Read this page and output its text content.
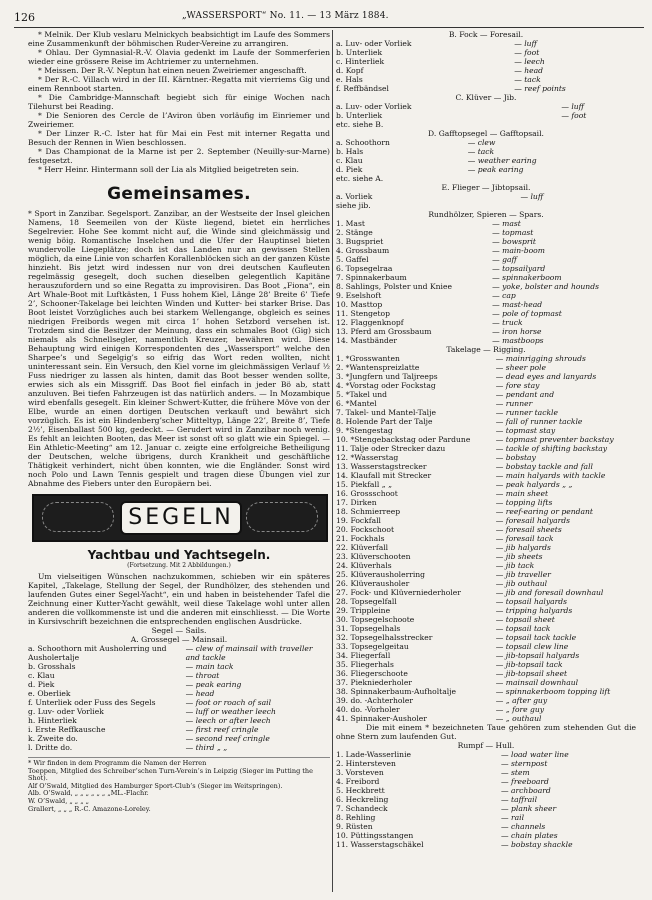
126	„WASSERSPORT“ No. 11. — 13 März 1884.

* Melnik. Der Klub veslaru Melnickych beabsichtigt im Laufe des Sommers eine Zusammenkunft der böhmischen Ruder-Vereine zu arrangiren.

* Ohlau. Der Gymnasial-R.-V. Olavia gedenkt im Laufe der Sommerferien wieder eine grössere Reise im Achtriemer zu unternehmen.

* Meissen. Der R.-V. Neptun hat einen neuen Zweiriemer angeschafft.

* Der R.-C. Villach wird in der III. Kärntner.-Regatta mit vierriems Gig und einem Rennboot starten.

* Die Cambridge-Mannschaft begiebt sich für einige Wochen nach Tilehurst bei Reading.

* Die Senioren des Cercle de l’Aviron üben vorläufig im Einriemer und Zweiriemer.

* Der Linzer R.-C. Ister hat für Mai ein Fest mit interner Regatta und Besuch der Rennen in Wien beschlossen.

* Das Championat de la Marne ist per 2. September (Neuilly-sur-Marne) festgesetzt.

* Herr Heinr. Hintermann soll der Lia als Mitglied beigetreten sein.

Gemeinsames.

* Sport in Zanzibar. Segelsport. Zanzibar, an der Westseite der Insel gleichen Namens, 18 Seemeilen von der Küste liegend, bietet ein herrliches Segelrevier. Hohe See kommt nicht auf, die Winde sind gleichmässig und wenig böig. Romantische Inselchen und die Ufer der Hauptinsel bieten wundervolle Liegeplätze; doch ist das Landen nur an gewissen Stellen möglich, da eine Linie von scharfen Korallenblöcken sich an der ganzen Küste hinzieht. Bis jetzt wird indessen nur von drei deutschen Kaufleuten regelmässig gesegelt, doch suchen dieselben gelegentlich Kapitäne herauszufordern und so eine Regatta zu improvisiren. Das Boot „Fiona“, ein Art Whale-Boot mit Luftkästen, 1 Fuss hohem Kiel, Länge 28’ Breite 6’ Tiefe 2’, Schooner-Takelage bei leichten Winden und Kutter- bei starker Brise. Das Boot leistet Vorzügliches auch bei starkem Wellengange, obgleich es seines niedrigen Freibords wegen mit circa 1’ hohen Setzbord versehen ist. Trotzdem sind die Besitzer der Meinung, dass ein schmales Boot (Gig) sich niemals als Schnellsegler, namentlich Kreuzer, bewähren wird. Diese Behauptung wird einigen Korrespondenten des „Wassersport“ welche den Sharpee’s und Segelgig’s so eifrig das Wort reden wollten, nicht uninteressant sein. Ein Versuch, den Kiel vorne im gleichmässigen Verlauf ½ Fuss niedriger zu lassen als hinten, damit das Boot besser wenden sollte, erwies sich als ein Missgriff. Das Boot fiel einfach in jeder Bö ab, statt anzuluven. Bei tiefen Fahrzeugen ist das natürlich anders. — In Mozambique wird ebenfalls gesegelt. Ein kleiner Schwert-Kutter, die frühere Möve von der Elbe, wurde an einen dortigen Deutschen verkauft und bewährt sich vorzüglich. Es ist ein Hindenberg’scher Mitteltyp, Länge 22’, Breite 8’, Tiefe 2½’, Eisenballast 500 kg, gedeckt. — Gerudert wird in Zanzibar noch wenig. Es fehlt an leichten Booten, das Meer ist sonst oft so glatt wie ein Spiegel. — Ein Athletic-Meeting“ am 12. Januar c. zeigte eine erfolgreiche Betheiligung der Deutschen, welche übrigens, durch Krankheit und geschäftliche Thätigkeit verhindert, nicht üben konnten, wie die Engländer. Sonst wird noch Polo und Lawn Tennis gespielt und tragen diese Übungen viel zur Abnahme des Fiebers unter den Europäern bei.

SEGELN
Yachtbau und Yachtsegeln.
(Fortsetzung. Mit 2 Abbildungen.)

Um vielseitigen Wünschen nachzukommen, schieben wir ein späteres Kapitel, „Takelage, Stellung der Segel, der Rundhölzer, des stehenden und laufenden Gutes einer Segel-Yacht“, ein und haben in beistehender Tafel die Zeichnung einer Kutter-Yacht gewählt, weil diese Takelage wohl unter allen anderen die vollkommenste ist und die anderen mit einschliesst. — Die Worte in Kursivschrift bezeichnen die entsprechenden englischen Ausdrücke.

Segel — Sails.

A. Grossegel — Mainsail.

a. Schoothorn mit Ausholerring und	— clew of mainsail with traveller
Ausholertalje	and tackle
b. Grosshals	— main tack
c. Klau	— throat
d. Piek	— peak earing
e. Oberliek	— head
f. Unterliek oder Fuss des Segels	— foot or roach of sail
g. Luv- oder Vorliek	— luff or weather leech
h. Hinterliek	— leech or after leech
i. Erste Reffkausche	— first reef cringle
k. Zweite do.	— second reef cringle
l. Dritte do.	— third „ „

* Wir finden in dem Programm die Namen der Herren

Toeppen, Mitglied des Schreiber’schen Turn-Verein’s in Leipzig (Sieger im Putting the Shot).

Alf O’Swald, Mitglied des Hamburger Sport-Club’s (Sieger im Weitspringen).

Alb. O’Swald, „ „ „ „ „ „ „ML.-Flachr.

W. O’Swald, „ „ „ „

Grallert, „ „ „ R.-C. Amazone-Loreley.

B. Fock — Foresail.

a. Luv- oder Vorliek	— luff
b. Unterliek	— foot
c. Hinterliek	— leech
d. Kopf	— head
e. Hals	— tack
f. Reffbändsel	— reef points

C. Klüver — Jib.

a. Luv- oder Vorliek	— luff
b. Unterliek	— foot
etc. siehe B.	

D. Gafftopsegel — Gafftopsail.

a. Schoothorn	— clew
b. Hals	— tack
c. Klau	— weather earing
d. Piek	— peak earing
etc. siehe A.	

E. Flieger — Jibtopsail.

a. Vorliek	— luff
siehe jib.	

Rundhölzer, Spieren — Spars.

1. Mast	— mast
2. Stänge	— topmast
3. Bugspriet	— bowsprit
4. Grossbaum	— main-boom
5. Gaffel	— gaff
6. Topsegelraa	— topsailyard
7. Spinnakerbaum	— spinnakerboom
8. Sahlings, Polster und Kniee	— yoke, bolster and hounds
9. Eselshoft	— cap
10. Masttop	— mast-head
11. Stengetop	— pole of topmast
12. Flaggenknopf	— truck
13. Pferd am Grossbaum	— iron horse
14. Mastbänder	— mastboops

Takelage — Rigging.

1. *Grosswanten	— mainrigging shrouds
2. *Wantenspreizlatte	— sheer pole
3. *Jungfern und Taljreeps	— dead eyes and lanyards
4. *Vorstag oder Fockstag	— fore stay
5. *Takel und	— pendant and
6. *Mantel	— runner
7. Takel- und Mantel-Talje	— runner tackle
8. Holende Part der Talje	— fall of runner tackle
9. *Stengestag	— topmast stay
10. *Stengebackstag oder Pardune	— topmast preventer backstay
11. Talje oder Strecker dazu	— tackle of shifting backstay
12. *Wasserstag	— bobstay
13. Wasserstagstrecker	— bobstay tackle and fall
14. Klaufall mit Strecker	— main halyards with tackle
15. Piekfall „ „	— peak halyards „ „
16. Grossschoot	— main sheet
17. Dirken	— topping lifts
18. Schmierreep	— reef-earing or pendant
19. Fockfall	— foresail halyards
20. Fockschoot	— foresail sheets
21. Fockhals	— foresail tack
22. Klüverfall	— jib halyards
23. Klüverschooten	— jib sheets
24. Klüverhals	— jib tack
25. Klüverausholerring	— jib traveller
26. Klüverausholer	— jib outhaul
27. Fock- und Klüverniederholer	— jib and foresail downhaul
28. Topsegelfall	— topsail halyards
29. Trippleine	— tripping halyards
30. Topsegelschoote	— topsail sheet
31. Topsegelhals	— topsail tack
32. Topsegelhalsstrecker	— topsail tack tackle
33. Topsegelgeitau	— topsail clew line
34. Fliegerfall	— jib-topsail halyards
35. Fliegerhals	— jib-topsail tack
36. Fliegerschoote	— jib-topsail sheet
37. Piekniederholer	— mainsail downhaul
38. Spinnakerbaum-Aufholtalje	— spinnakerboom topping lift
39. do. -Achterholer	— „ after guy
40. do. -Vorholer	— „ fore guy
41. Spinnaker-Ausholer	— „ outhaul

Die mit einem * bezeichneten Taue gehören zum stehenden Gut die ohne Stern zum laufenden Gut.

Rumpf — Hull.

1. Lade-Wasserlinie	— load water line
2. Hintersteven	— sternpost
3. Vorsteven	— stem
4. Freibord	— freeboard
5. Heckbrett	— archboard
6. Heckreling	— taffrail
7. Schandeck	— plank sheer
8. Rehling	— rail
9. Rüsten	— channels
10. Püttingsstangen	— chain plates
11. Wasserstagschäkel	— bobstay shackle
